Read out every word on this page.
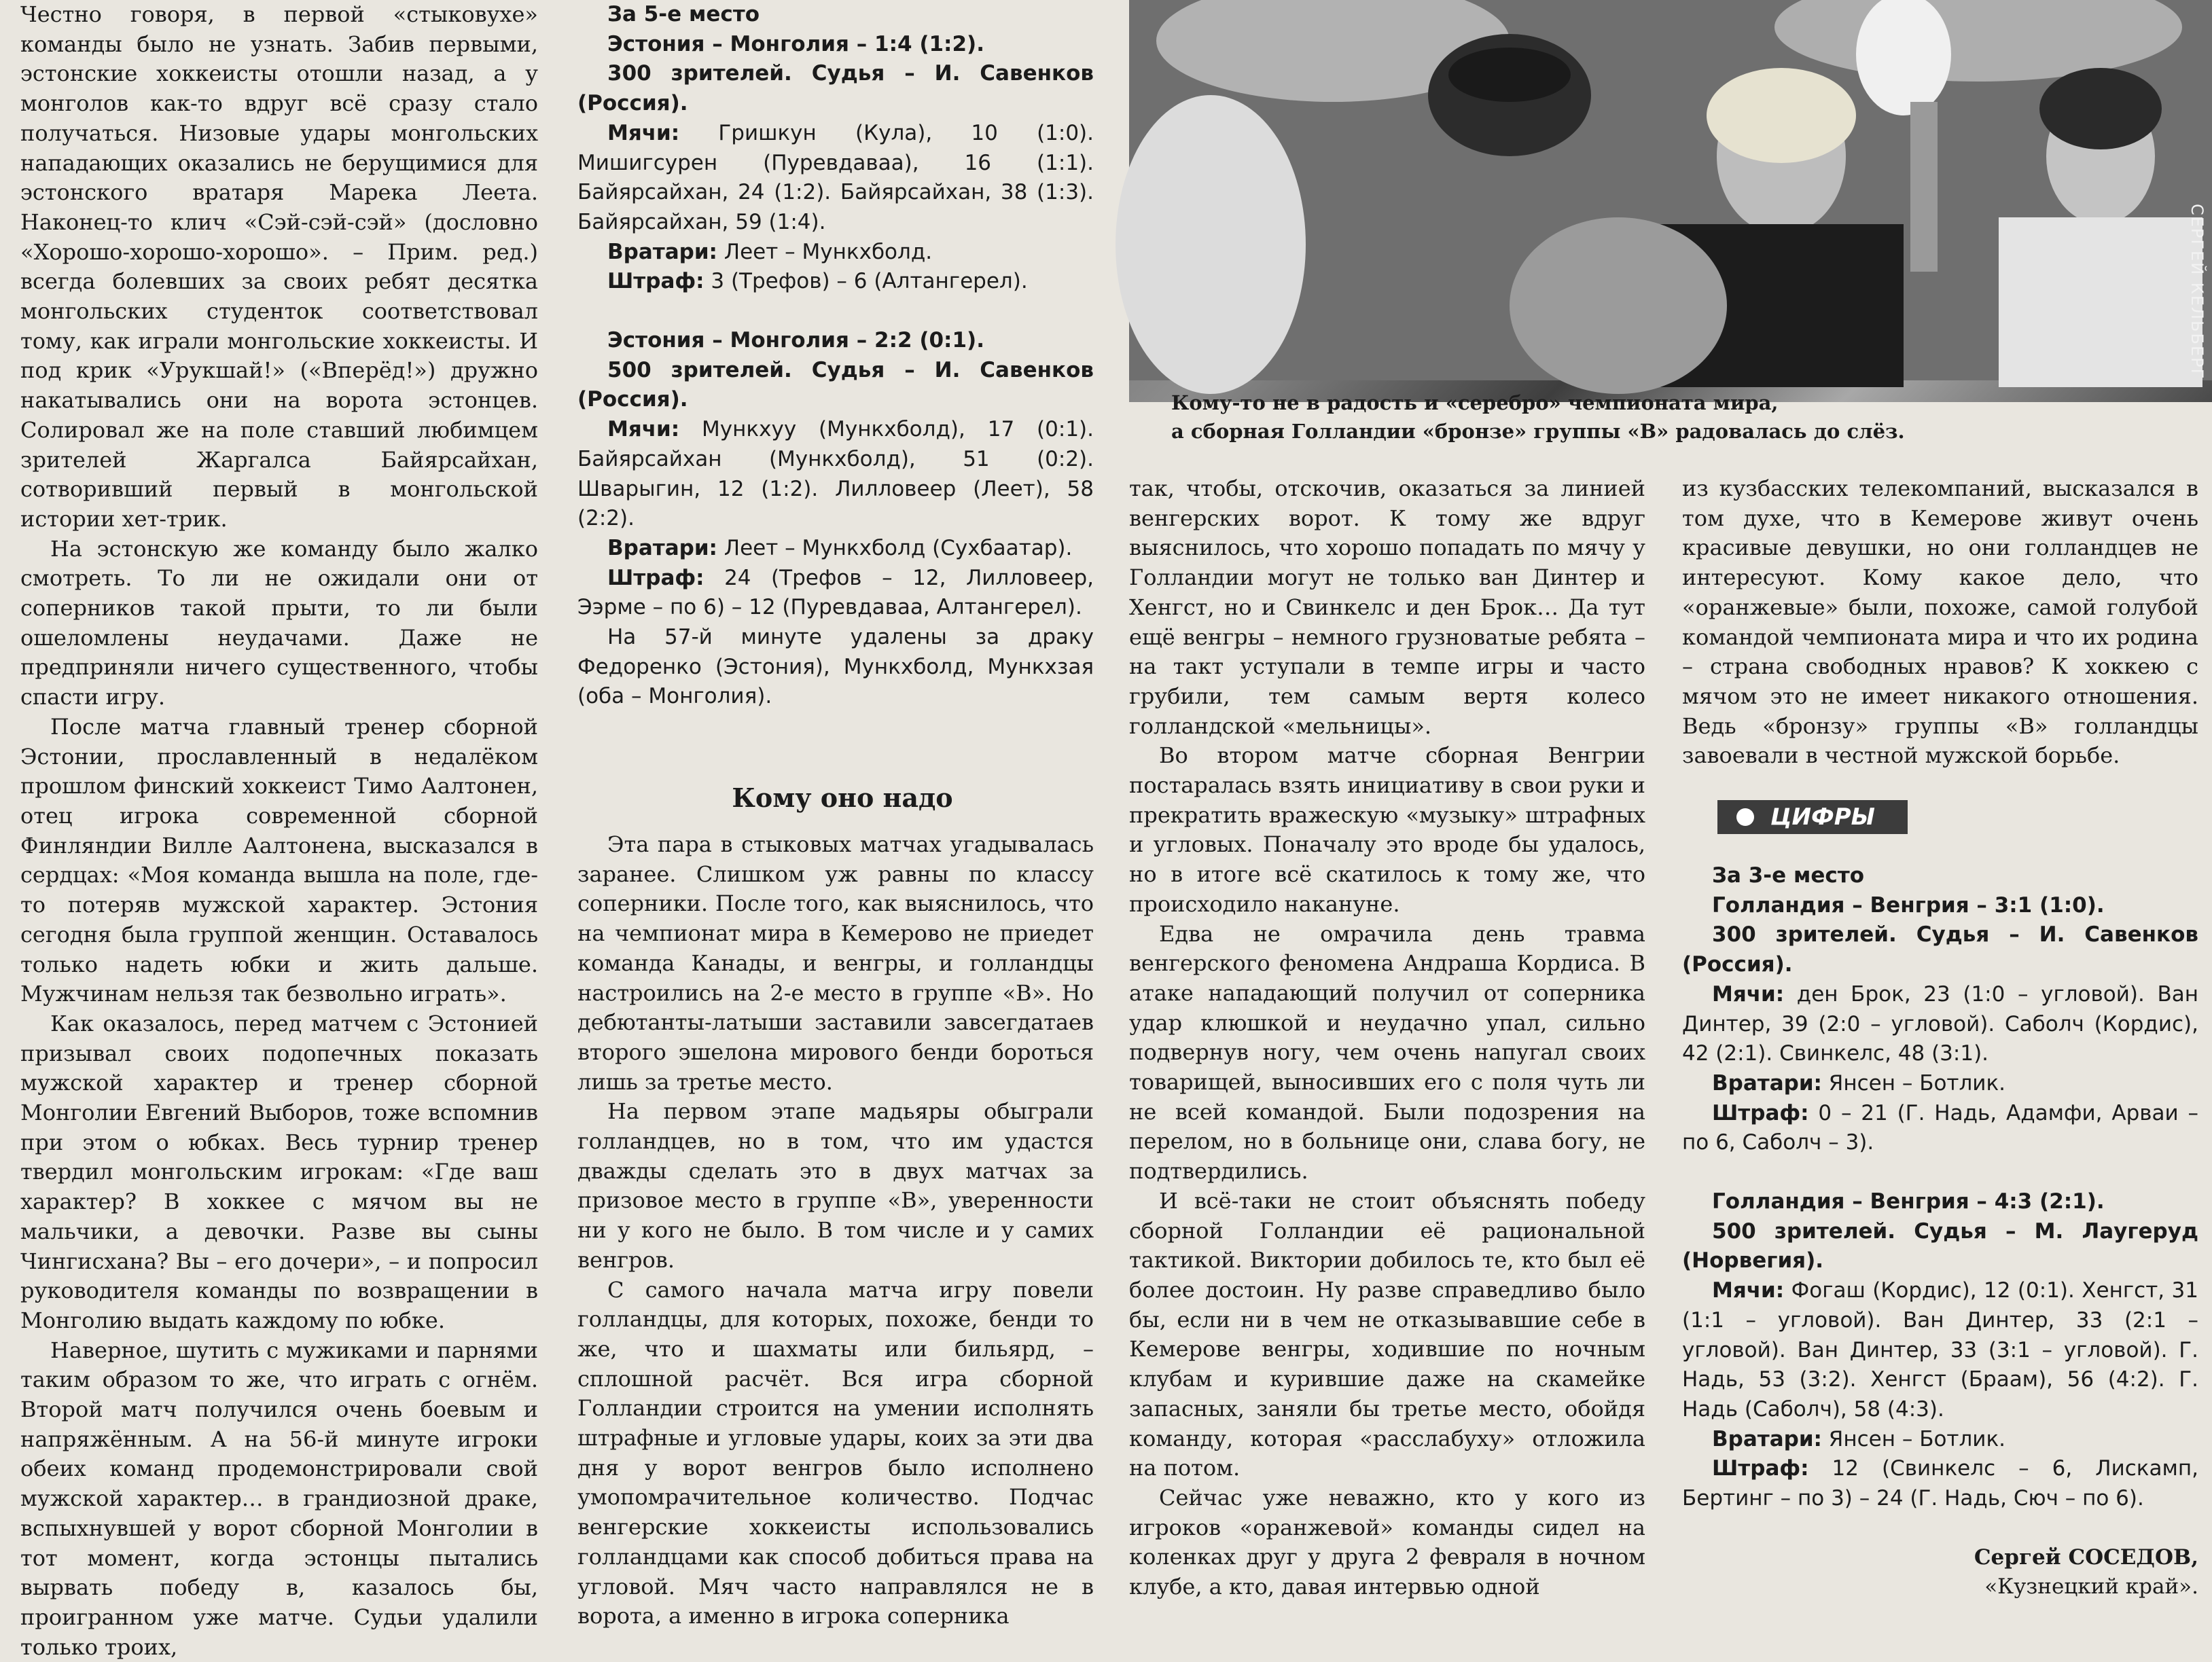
Честно говоря, в первой «стыковухе» команды было не узнать. Забив первыми, эстонские хоккеисты отошли назад, а у монголов как-то вдруг всё сразу стало получаться. Низовые удары монгольских нападающих оказались не берущимися для эстонского вратаря Марека Леета. Наконец-то клич «Сэй-сэй-сэй» (дословно «Хорошо-хорошо-хорошо». – Прим. ред.) всегда болевших за своих ребят десятка монгольских студенток соответствовал тому, как играли монгольские хоккеисты. И под крик «Урукшай!» («Вперёд!») дружно накатывались они на ворота эстонцев. Солировал же на поле ставший любимцем зрителей Жаргалса Байярсайхан, сотворивший первый в монгольской истории хет-трик.

На эстонскую же команду было жалко смотреть. То ли не ожидали они от соперников такой прыти, то ли были ошеломлены неудачами. Даже не предприняли ничего существенного, чтобы спасти игру.

После матча главный тренер сборной Эстонии, прославленный в недалёком прошлом финский хоккеист Тимо Аалтонен, отец игрока современной сборной Финляндии Вилле Аалтонена, высказался в сердцах: «Моя команда вышла на поле, где-то потеряв мужской характер. Эстония сегодня была группой женщин. Оставалось только надеть юбки и жить дальше. Мужчинам нельзя так безвольно играть».

Как оказалось, перед матчем с Эстонией призывал своих подопечных показать мужской характер и тренер сборной Монголии Евгений Выборов, тоже вспомнив при этом о юбках. Весь турнир тренер твердил монгольским игрокам: «Где ваш характер? В хоккее с мячом вы не мальчики, а девочки. Разве вы сыны Чингисхана? Вы – его дочери», – и попросил руководителя команды по возвращении в Монголию выдать каждому по юбке.

Наверное, шутить с мужиками и парнями таким образом то же, что играть с огнём. Второй матч получился очень боевым и напряжённым. А на 56-й минуте игроки обеих команд продемонстрировали свой мужской характер… в грандиозной драке, вспыхнувшей у ворот сборной Монголии в тот момент, когда эстонцы пытались вырвать победу в, казалось бы, проигранном уже матче. Судьи удалили только троих,

За 5-е место

Эстония – Монголия – 1:4 (1:2).

300 зрителей. Судья – И. Савенков (Россия).

Мячи: Гришкун (Кула), 10 (1:0). Мишигсурен (Пуревдаваа), 16 (1:1). Байярсайхан, 24 (1:2). Байярсайхан, 38 (1:3). Байярсайхан, 59 (1:4).

Вратари: Леет – Мункхболд.

Штраф: 3 (Трефов) – 6 (Алтангерел).

Эстония – Монголия – 2:2 (0:1).

500 зрителей. Судья – И. Савенков (Россия).

Мячи: Мункхуу (Мункхболд), 17 (0:1). Байярсайхан (Мункхболд), 51 (0:2). Шварыгин, 12 (1:2). Лилловеер (Леет), 58 (2:2).

Вратари: Леет – Мункхболд (Сухбаатар).

Штраф: 24 (Трефов – 12, Лилловеер, Ээрме – по 6) – 12 (Пуревдаваа, Алтангерел).

На 57-й минуте удалены за драку Федоренко (Эстония), Мункхболд, Мункхзая (оба – Монголия).

Кому оно надо

Эта пара в стыковых матчах угадывалась заранее. Слишком уж равны по классу соперники. После того, как выяснилось, что на чемпионат мира в Кемерово не приедет команда Канады, и венгры, и голландцы настроились на 2-е место в группе «В». Но дебютанты-латыши заставили завсегдатаев второго эшелона мирового бенди бороться лишь за третье место.

На первом этапе мадьяры обыграли голландцев, но в том, что им удастся дважды сделать это в двух матчах за призовое место в группе «В», уверенности ни у кого не было. В том числе и у самих венгров.

С самого начала матча игру повели голландцы, для которых, похоже, бенди то же, что и шахматы или бильярд, – сплошной расчёт. Вся игра сборной Голландии строится на умении исполнять штрафные и угловые удары, коих за эти два дня у ворот венгров было исполнено умопомрачительное количество. Подчас венгерские хоккеисты использовались голландцами как способ добиться права на угловой. Мяч часто направлялся не в ворота, а именно в игрока соперника

СЕРГЕЙ КЕЛЬБЕРГ
Кому-то не в радость и «серебро» чемпионата мира,
а сборная Голландии «бронзе» группы «В» радовалась до слёз.

так, чтобы, отскочив, оказаться за линией венгерских ворот. К тому же вдруг выяснилось, что хорошо попадать по мячу у Голландии могут не только ван Динтер и Хенгст, но и Свинкелс и ден Брок… Да тут ещё венгры – немного грузноватые ребята – на такт уступали в темпе игры и часто грубили, тем самым вертя колесо голландской «мельницы».

Во втором матче сборная Венгрии постаралась взять инициативу в свои руки и прекратить вражескую «музыку» штрафных и угловых. Поначалу это вроде бы удалось, но в итоге всё скатилось к тому же, что происходило накануне.

Едва не омрачила день травма венгерского феномена Андраша Кордиса. В атаке нападающий получил от соперника удар клюшкой и неудачно упал, сильно подвернув ногу, чем очень напугал своих товарищей, выносивших его с поля чуть ли не всей командой. Были подозрения на перелом, но в больнице они, слава богу, не подтвердились.

И всё-таки не стоит объяснять победу сборной Голландии её рациональной тактикой. Виктории добилось те, кто был её более достоин. Ну разве справедливо было бы, если ни в чем не отказывавшие себе в Кемерове венгры, ходившие по ночным клубам и курившие даже на скамейке запасных, заняли бы третье место, обойдя команду, которая «расслабуху» отложила на потом.

Сейчас уже неважно, кто у кого из игроков «оранжевой» команды сидел на коленках друг у друга 2 февраля в ночном клубе, а кто, давая интервью одной

из кузбасских телекомпаний, высказался в том духе, что в Кемерове живут очень красивые девушки, но они голландцев не интересуют. Кому какое дело, что «оранжевые» были, похоже, самой голубой командой чемпионата мира и что их родина – страна свободных нравов? К хоккею с мячом это не имеет никакого отношения. Ведь «бронзу» группы «В» голландцы завоевали в честной мужской борьбе.

ЦИФРЫ

За 3-е место

Голландия – Венгрия – 3:1 (1:0).

300 зрителей. Судья – И. Савенков (Россия).

Мячи: ден Брок, 23 (1:0 – угловой). Ван Динтер, 39 (2:0 – угловой). Саболч (Кордис), 42 (2:1). Свинкелс, 48 (3:1).

Вратари: Янсен – Ботлик.

Штраф: 0 – 21 (Г. Надь, Адамфи, Арваи – по 6, Саболч – 3).

Голландия – Венгрия – 4:3 (2:1).

500 зрителей. Судья – М. Лаугеруд (Норвегия).

Мячи: Фогаш (Кордис), 12 (0:1). Хенгст, 31 (1:1 – угловой). Ван Динтер, 33 (2:1 – угловой). Ван Динтер, 33 (3:1 – угловой). Г. Надь, 53 (3:2). Хенгст (Браам), 56 (4:2). Г. Надь (Саболч), 58 (4:3).

Вратари: Янсен – Ботлик.

Штраф: 12 (Свинкелс – 6, Лискамп, Бертинг – по 3) – 24 (Г. Надь, Сюч – по 6).

Сергей СОСЕДОВ,

«Кузнецкий край».
